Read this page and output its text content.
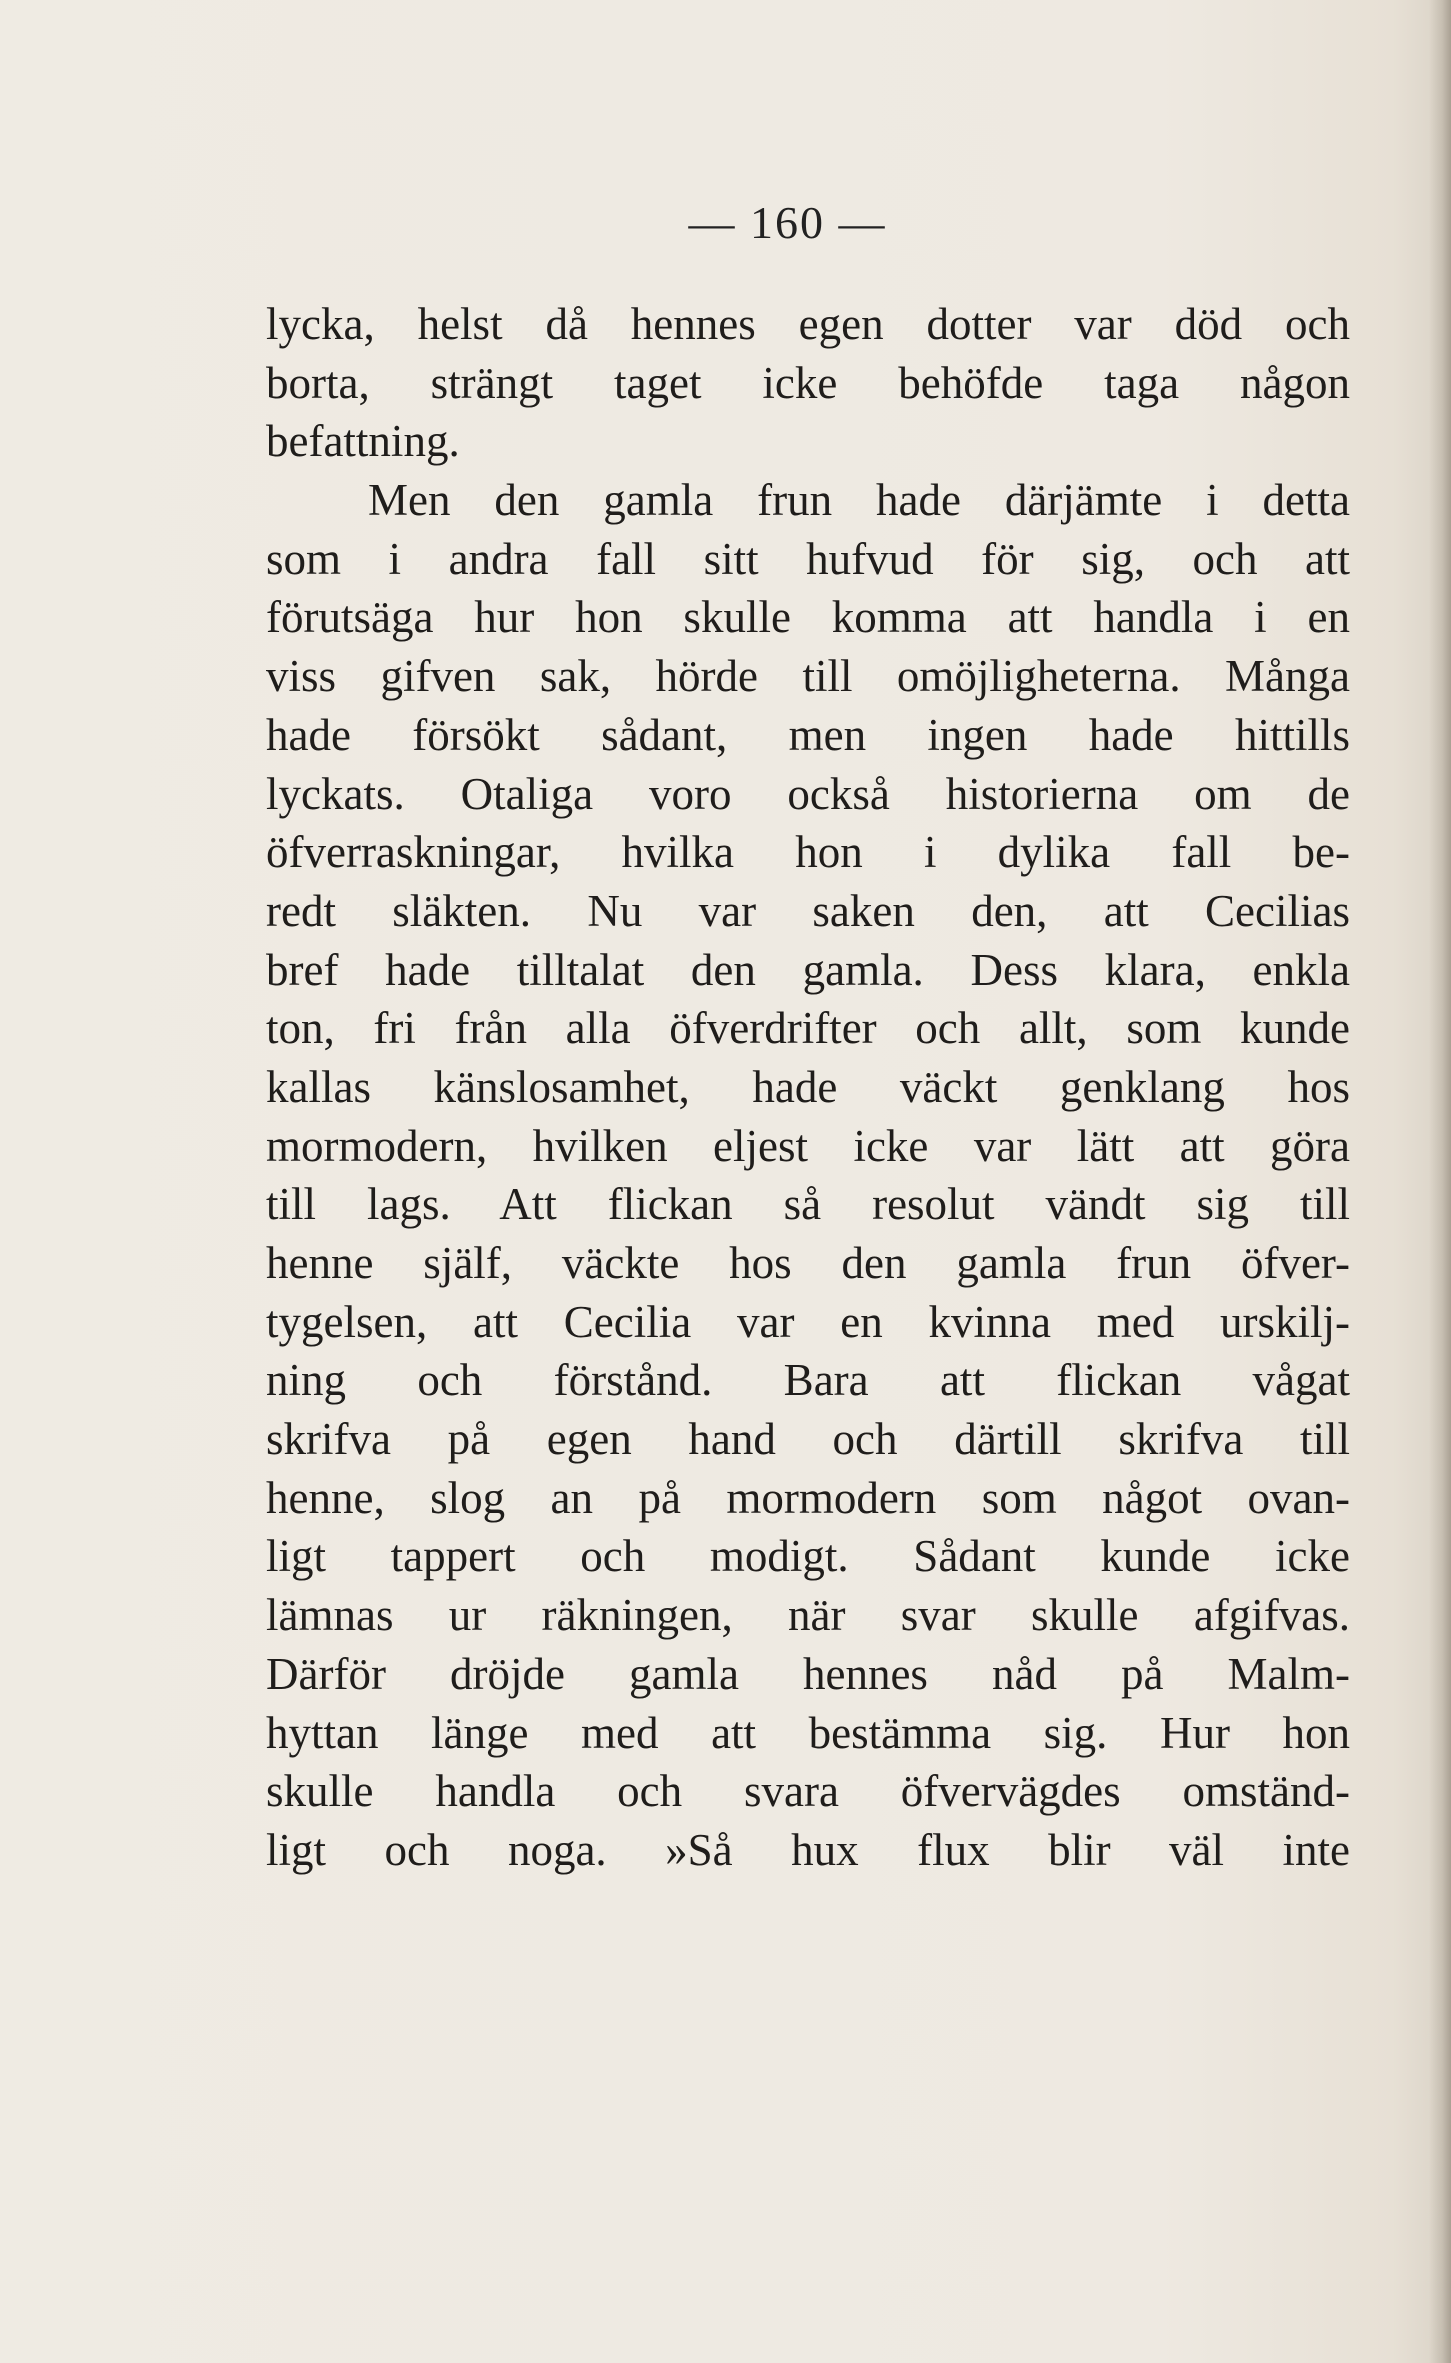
— 160 —
lycka, helst då hennes egen dotter var död och
borta, strängt taget icke behöfde taga någon
befattning.
Men den gamla frun hade därjämte i detta
som i andra fall sitt hufvud för sig, och att
förutsäga hur hon skulle komma att handla i en
viss gifven sak, hörde till omöjligheterna. Många
hade försökt sådant, men ingen hade hittills
lyckats. Otaliga voro också historierna om de
öfverraskningar, hvilka hon i dylika fall be-
redt släkten. Nu var saken den, att Cecilias
bref hade tilltalat den gamla. Dess klara, enkla
ton, fri från alla öfverdrifter och allt, som kunde
kallas känslosamhet, hade väckt genklang hos
mormodern, hvilken eljest icke var lätt att göra
till lags. Att flickan så resolut vändt sig till
henne själf, väckte hos den gamla frun öfver-
tygelsen, att Cecilia var en kvinna med urskilj-
ning och förstånd. Bara att flickan vågat
skrifva på egen hand och därtill skrifva till
henne, slog an på mormodern som något ovan-
ligt tappert och modigt. Sådant kunde icke
lämnas ur räkningen, när svar skulle afgifvas.
Därför dröjde gamla hennes nåd på Malm-
hyttan länge med att bestämma sig. Hur hon
skulle handla och svara öfvervägdes omständ-
ligt och noga. »Så hux flux blir väl inte
